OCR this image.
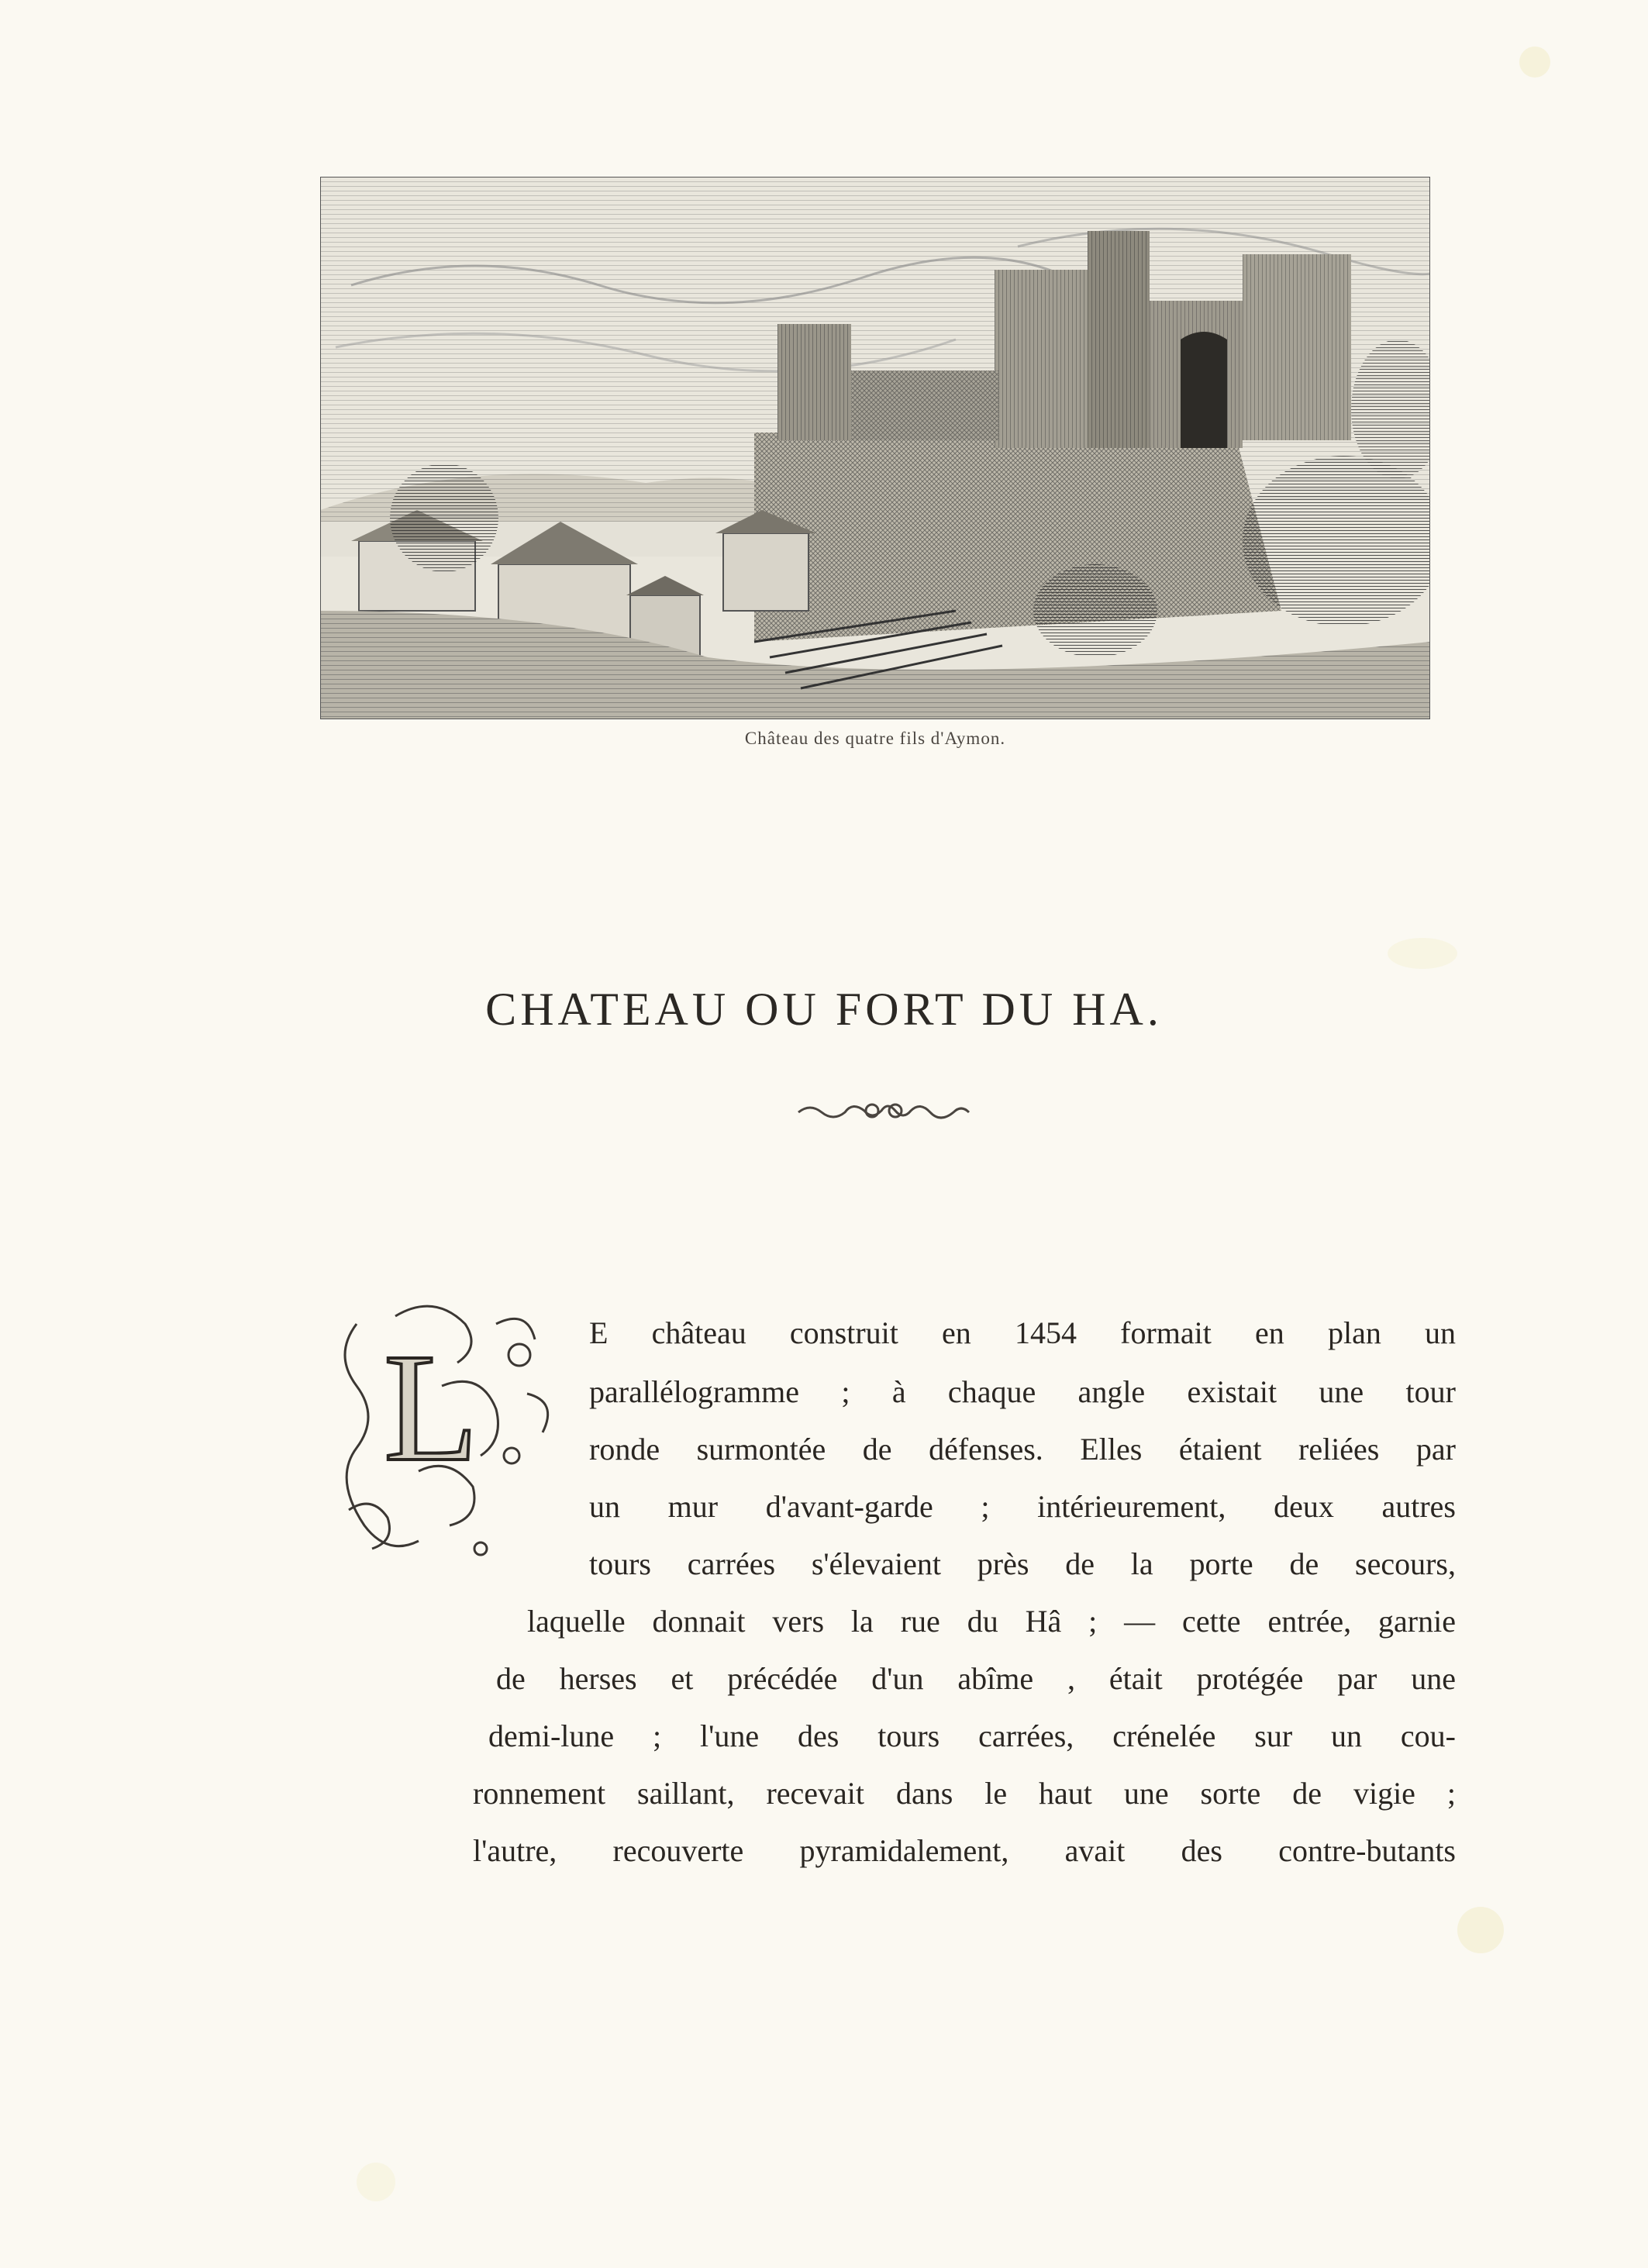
Château des quatre fils d'Aymon.
CHATEAU OU FORT DU HA.
L	E château construit en 1454 formait en plan un
parallélogramme ; à chaque angle existait une tour
ronde surmontée de défenses. Elles étaient reliées par
un mur d'avant-garde ; intérieurement, deux autres
tours carrées s'élevaient près de la porte de secours,
laquelle donnait vers la rue du Hâ ; — cette entrée, garnie
de herses et précédée d'un abîme , était protégée par une
demi-lune ; l'une des tours carrées, crénelée sur un cou-
ronnement saillant, recevait dans le haut une sorte de vigie ;
l'autre, recouverte pyramidalement, avait des contre-butants
